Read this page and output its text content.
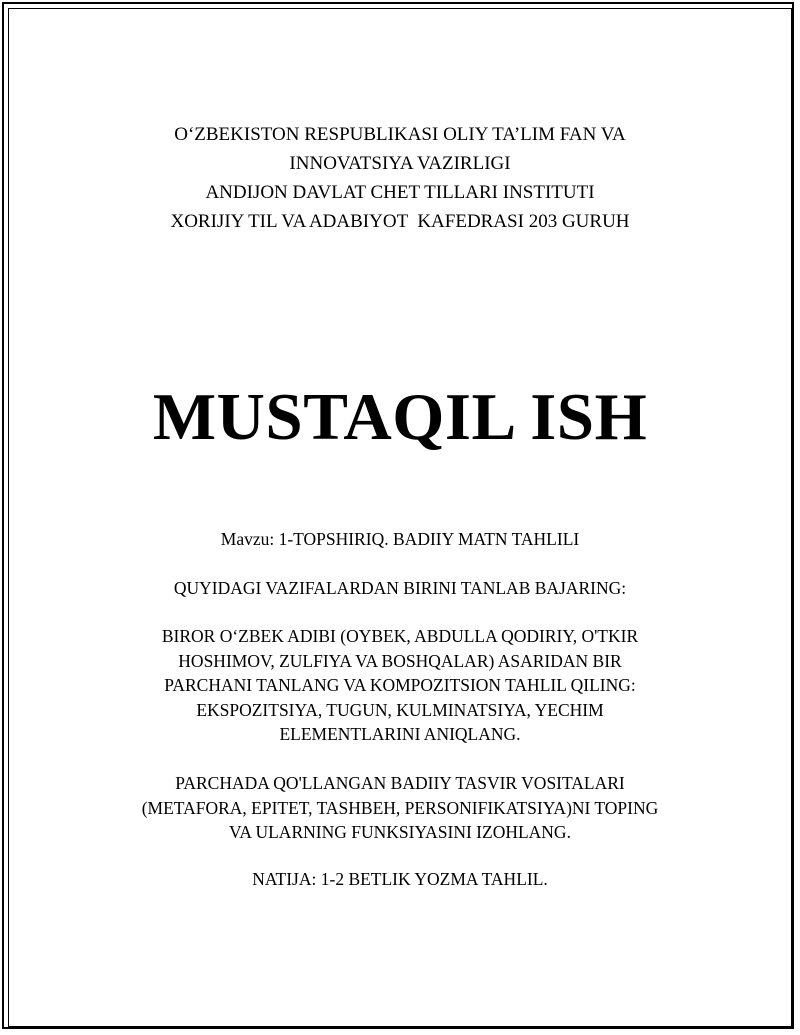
O‘ZBEKISTON RESPUBLIKASI OLIY TA’LIM FAN VA
INNOVATSIYA VAZIRLIGI
ANDIJON DAVLAT CHET TILLARI INSTITUTI
XORIJIY TIL VA ADABIYOT  KAFEDRASI 203 GURUH
MUSTAQIL ISH
Mavzu: 1-TOPSHIRIQ. BADIIY MATN TAHLILI
QUYIDAGI VAZIFALARDAN BIRINI TANLAB BAJARING:
BIROR O‘ZBEK ADIBI (OYBEK, ABDULLA QODIRIY, O'TKIR
HOSHIMOV, ZULFIYA VA BOSHQALAR) ASARIDAN BIR
PARCHANI TANLANG VA KOMPOZITSION TAHLIL QILING:
EKSPOZITSIYA, TUGUN, KULMINATSIYA, YECHIM
ELEMENTLARINI ANIQLANG.
PARCHADA QO'LLANGAN BADIIY TASVIR VOSITALARI
(METAFORA, EPITET, TASHBEH, PERSONIFIKATSIYA)NI TOPING
VA ULARNING FUNKSIYASINI IZOHLANG.
NATIJA: 1-2 BETLIK YOZMA TAHLIL.
